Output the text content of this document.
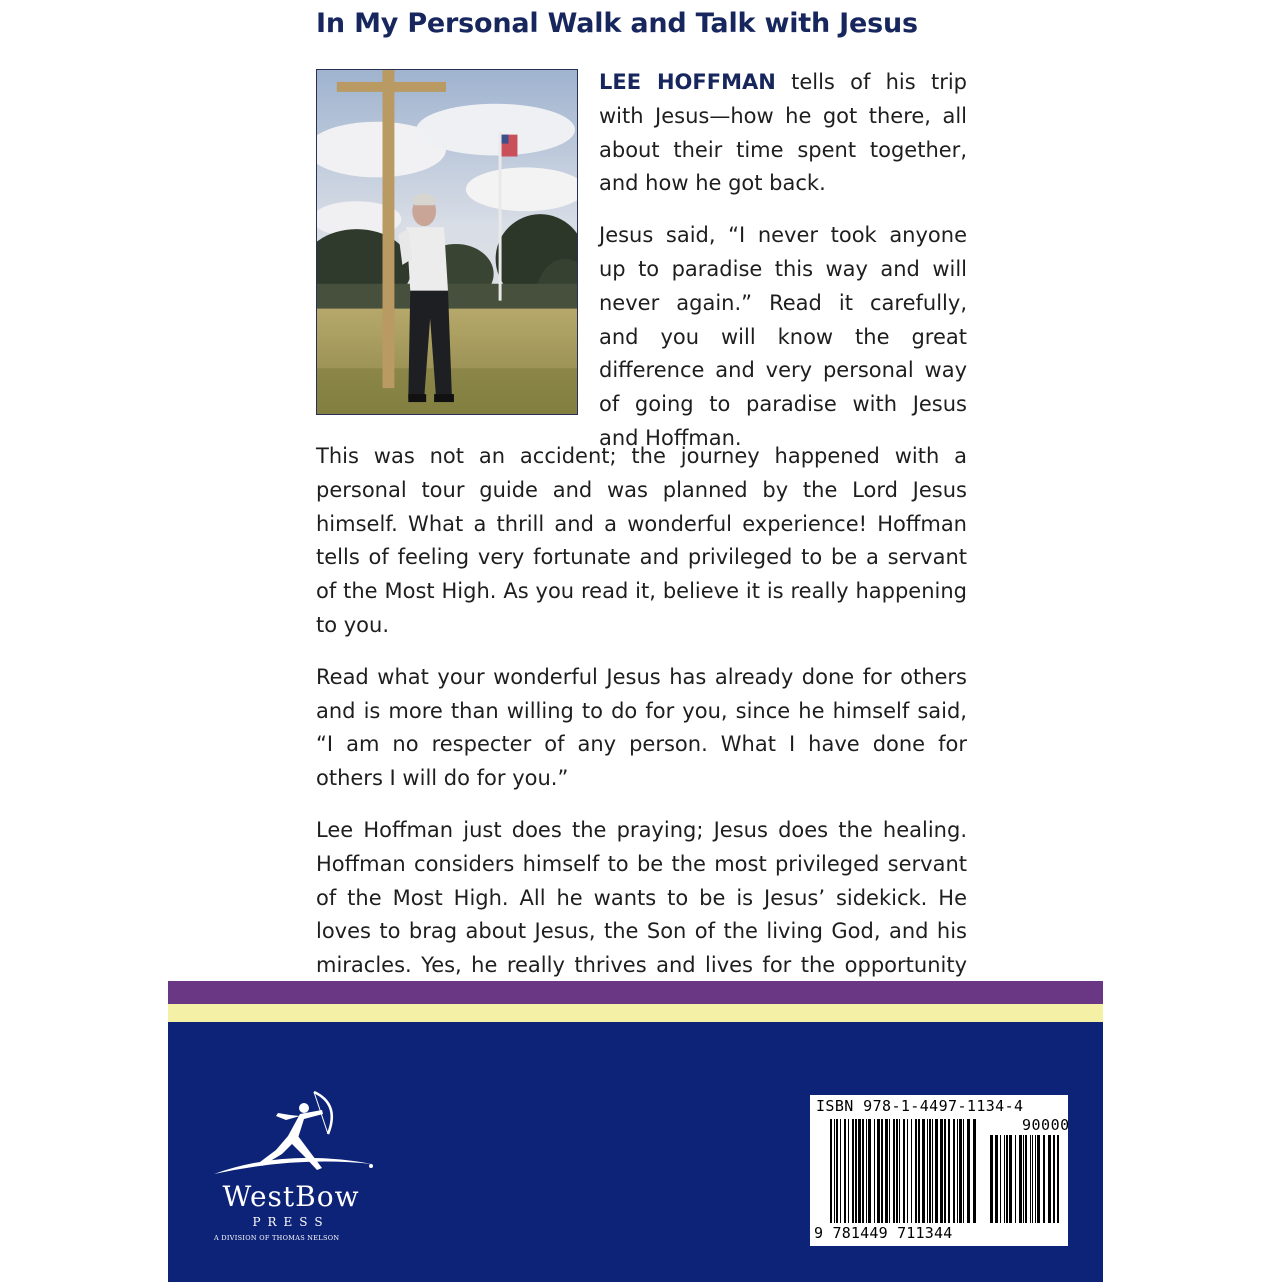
In My Personal Walk and Talk with Jesus

LEE HOFFMAN tells of his trip with Jesus—how he got there, all about their time spent together, and how he got back.

Jesus said, “I never took anyone up to paradise this way and will never again.” Read it carefully, and you will know the great difference and very personal way of going to paradise with Jesus and Hoffman.

This was not an accident; the journey happened with a personal tour guide and was planned by the Lord Jesus himself. What a thrill and a wonderful experience! Hoffman tells of feeling very fortunate and privileged to be a servant of the Most High. As you read it, believe it is really happening to you.

Read what your wonderful Jesus has already done for others and is more than willing to do for you, since he himself said, “I am no respecter of any person. What I have done for others I will do for you.”

Lee Hoffman just does the praying; Jesus does the healing. Hoffman considers himself to be the most privileged servant of the Most High. All he wants to be is Jesus’ sidekick. He loves to brag about Jesus, the Son of the living God, and his miracles. Yes, he really thrives and lives for the opportunity

WestBow
PRESS
A DIVISION OF THOMAS NELSON
ISBN 978-1-4497-1134-4
90000
9 781449 711344
